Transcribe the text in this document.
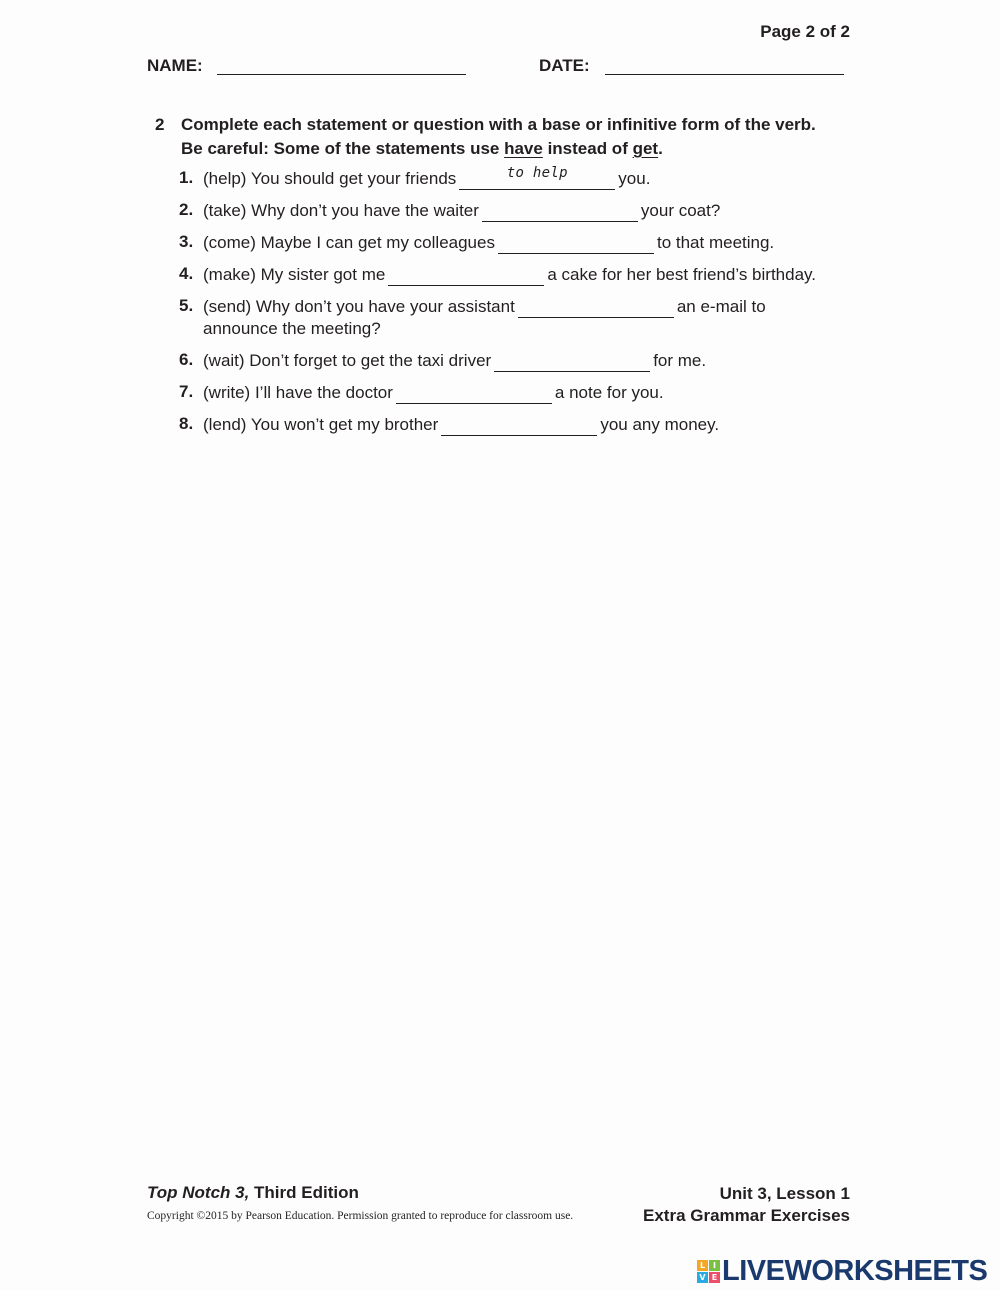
Page 2 of 2
NAME:	DATE:
2 Complete each statement or question with a base or infinitive form of the verb.
Be careful: Some of the statements use have instead of get.
1. (help) You should get your friends	to help	you.
2. (take) Why don’t you have the waiter	your coat?
3. (come) Maybe I can get my colleagues	to that meeting.
4. (make) My sister got me	a cake for her best friend’s birthday.
5. (send) Why don’t you have your assistant	an e-mail to announce the meeting?
6. (wait) Don’t forget to get the taxi driver	for me.
7. (write) I’ll have the doctor	a note for you.
8. (lend) You won’t get my brother	you any money.
Top Notch 3, Third Edition
Copyright ©2015 by Pearson Education. Permission granted to reproduce for classroom use.
Unit 3, Lesson 1
Extra Grammar Exercises
L I
V E LIVEWORKSHEETS
